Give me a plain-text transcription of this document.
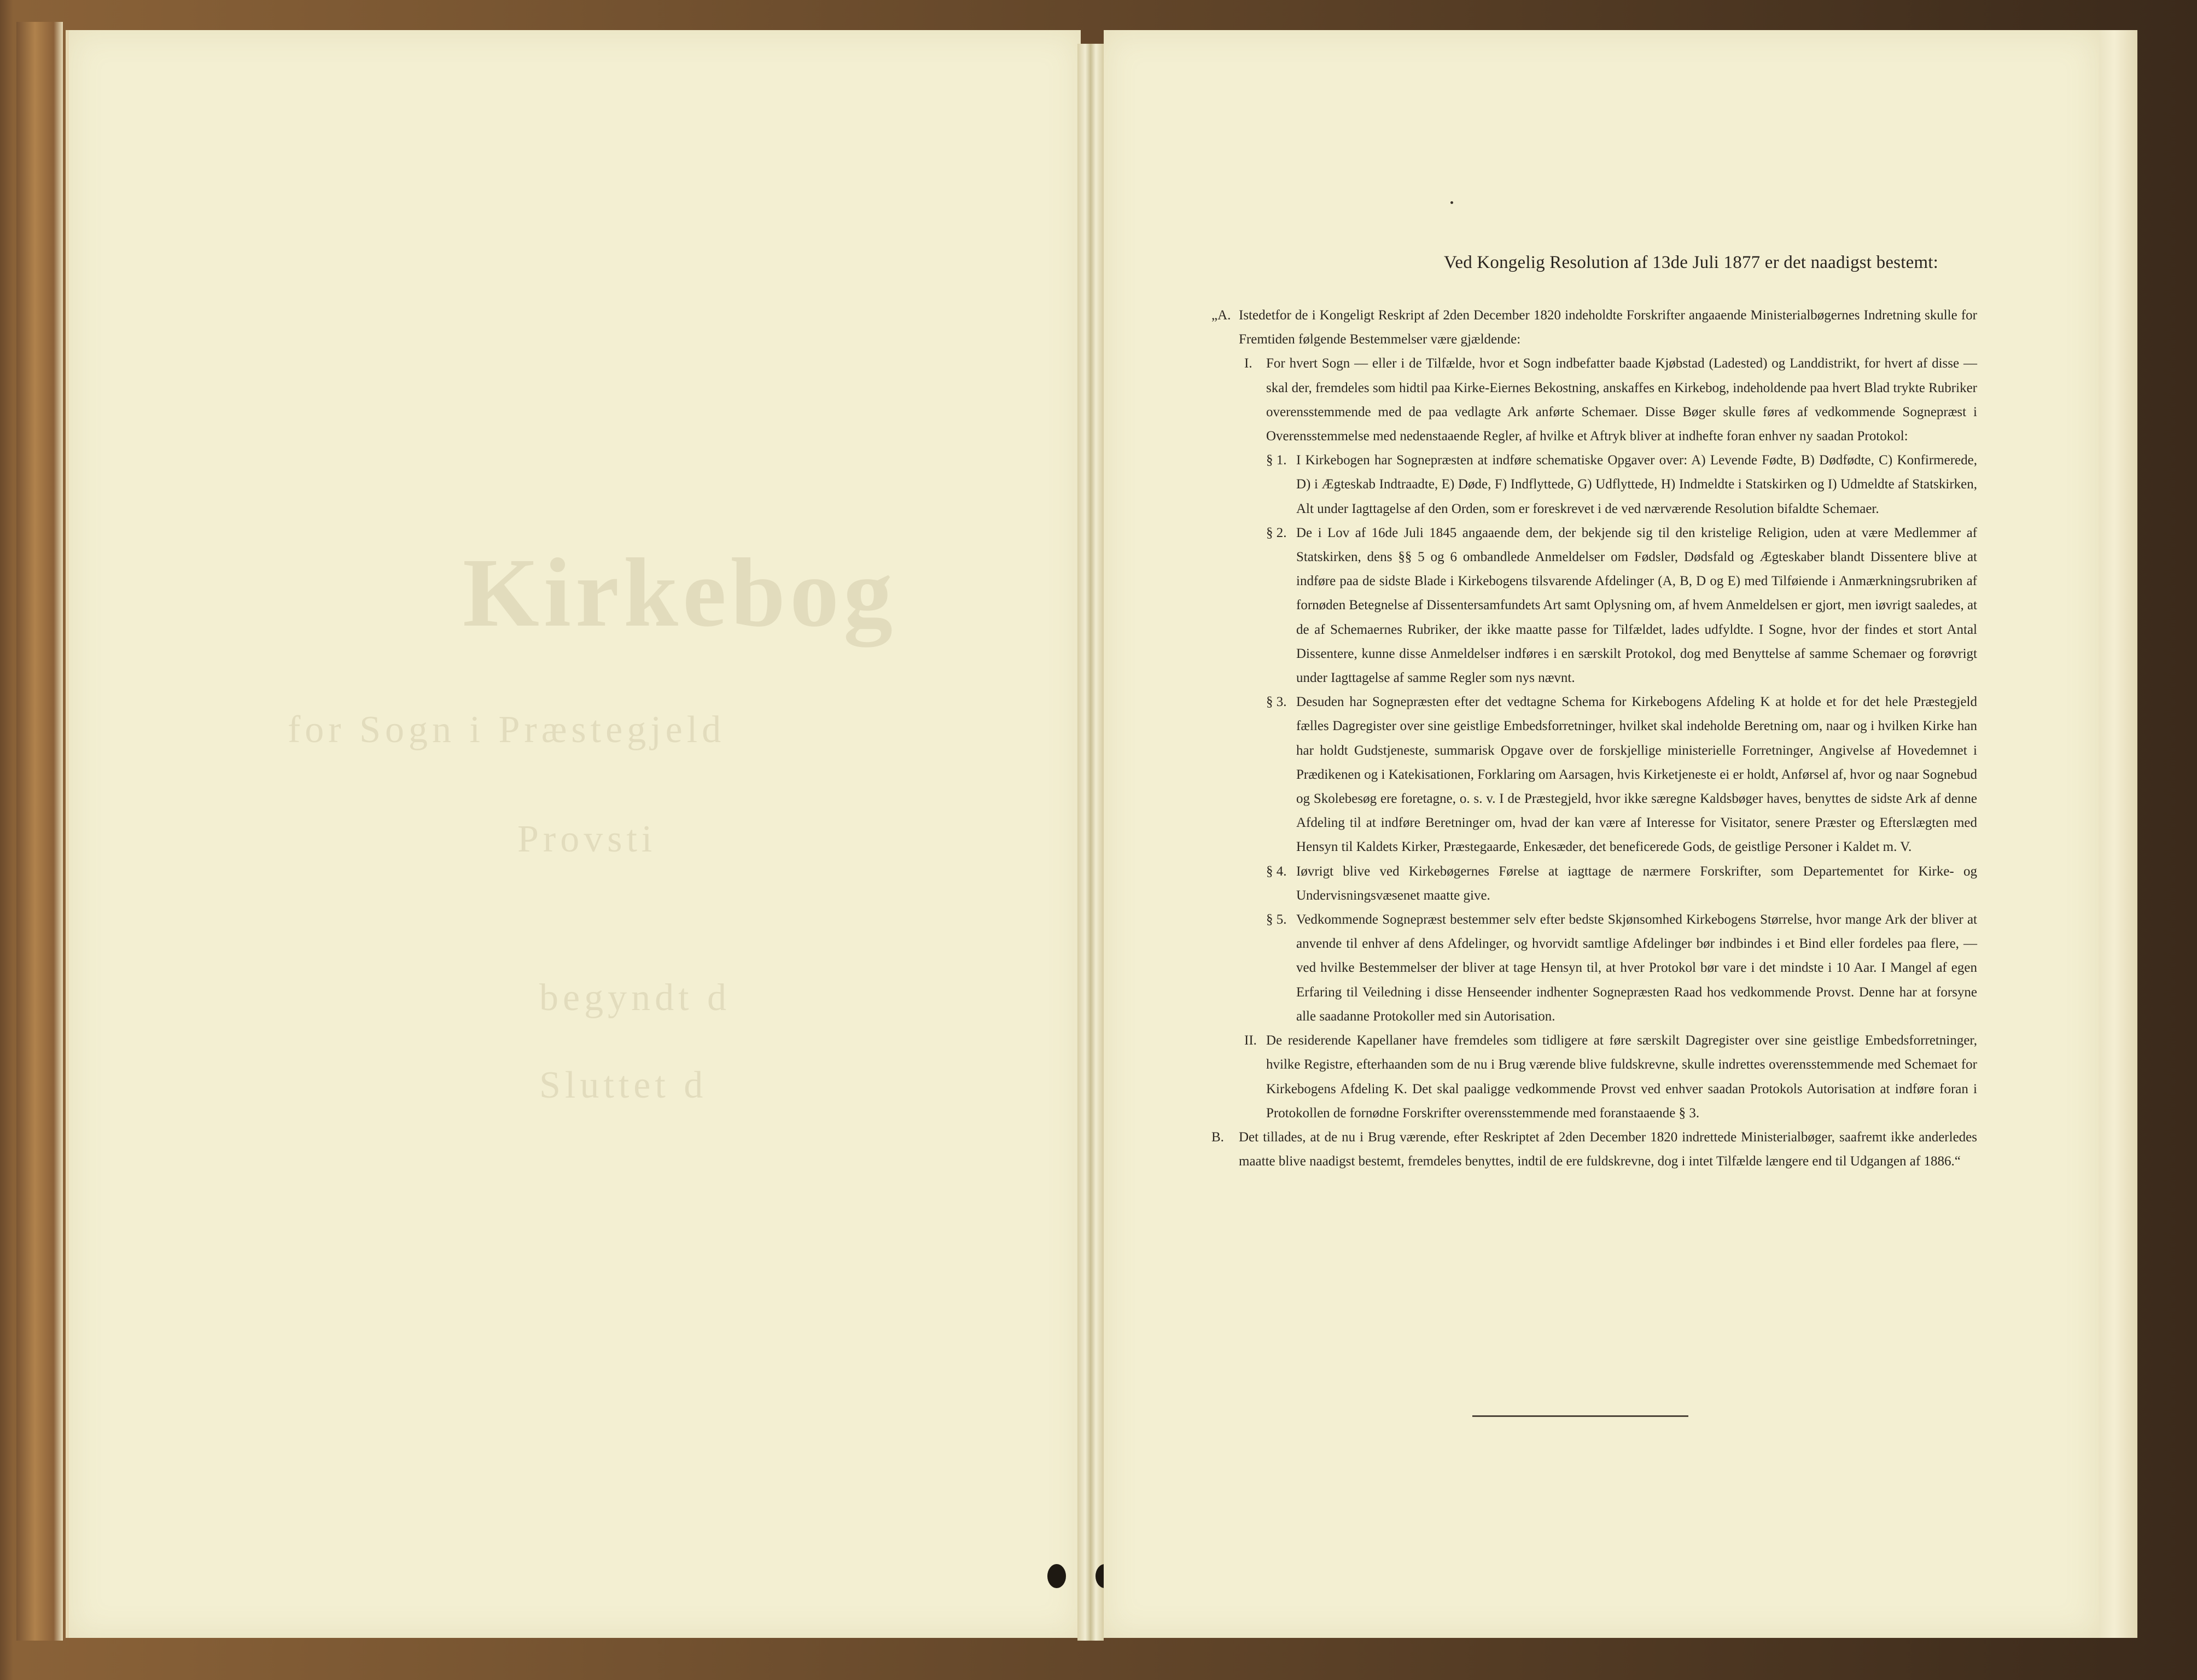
Kirkebog
for Sogn i Præstegjeld
Provsti
begyndt d
Sluttet d
Ved Kongelig Resolution af 13de Juli 1877 er det naadigst bestemt:
„A. Istedetfor de i Kongeligt Reskript af 2den December 1820 indeholdte Forskrifter angaaende Ministerialbøgernes Indretning skulle for Fremtiden følgende Bestemmelser være gjældende:
I. For hvert Sogn — eller i de Tilfælde, hvor et Sogn indbefatter baade Kjøbstad (Ladested) og Landdistrikt, for hvert af disse — skal der, fremdeles som hidtil paa Kirke-Eiernes Bekostning, anskaffes en Kirkebog, indeholdende paa hvert Blad trykte Rubriker overensstemmende med de paa vedlagte Ark anførte Schemaer. Disse Bøger skulle føres af vedkommende Sognepræst i Overensstemmelse med nedenstaaende Regler, af hvilke et Aftryk bliver at indhefte foran enhver ny saadan Protokol:
§ 1. I Kirkebogen har Sognepræsten at indføre schematiske Opgaver over: A) Levende Fødte, B) Dødfødte, C) Konfirmerede, D) i Ægteskab Indtraadte, E) Døde, F) Indflyttede, G) Udflyttede, H) Indmeldte i Statskirken og I) Udmeldte af Statskirken, Alt under Iagttagelse af den Orden, som er foreskrevet i de ved nærværende Resolution bifaldte Schemaer.
§ 2. De i Lov af 16de Juli 1845 angaaende dem, der bekjende sig til den kristelige Religion, uden at være Medlemmer af Statskirken, dens §§ 5 og 6 ombandlede Anmeldelser om Fødsler, Dødsfald og Ægteskaber blandt Dissentere blive at indføre paa de sidste Blade i Kirkebogens tilsvarende Afdelinger (A, B, D og E) med Tilføiende i Anmærkningsrubriken af fornøden Betegnelse af Dissentersamfundets Art samt Oplysning om, af hvem Anmeldelsen er gjort, men iøvrigt saaledes, at de af Schemaernes Rubriker, der ikke maatte passe for Tilfældet, lades udfyldte. I Sogne, hvor der findes et stort Antal Dissentere, kunne disse Anmeldelser indføres i en særskilt Protokol, dog med Benyttelse af samme Schemaer og forøvrigt under Iagttagelse af samme Regler som nys nævnt.
§ 3. Desuden har Sognepræsten efter det vedtagne Schema for Kirkebogens Afdeling K at holde et for det hele Præstegjeld fælles Dagregister over sine geistlige Embedsforretninger, hvilket skal indeholde Beretning om, naar og i hvilken Kirke han har holdt Gudstjeneste, summarisk Opgave over de forskjellige ministerielle Forretninger, Angivelse af Hovedemnet i Prædikenen og i Katekisationen, Forklaring om Aarsagen, hvis Kirketjeneste ei er holdt, Anførsel af, hvor og naar Sognebud og Skolebesøg ere foretagne, o. s. v. I de Præstegjeld, hvor ikke særegne Kaldsbøger haves, benyttes de sidste Ark af denne Afdeling til at indføre Beretninger om, hvad der kan være af Interesse for Visitator, senere Præster og Efterslægten med Hensyn til Kaldets Kirker, Præstegaarde, Enkesæder, det beneficerede Gods, de geistlige Personer i Kaldet m. V.
§ 4. Iøvrigt blive ved Kirkebøgernes Førelse at iagttage de nærmere Forskrifter, som Departementet for Kirke- og Undervisningsvæsenet maatte give.
§ 5. Vedkommende Sognepræst bestemmer selv efter bedste Skjønsomhed Kirkebogens Størrelse, hvor mange Ark der bliver at anvende til enhver af dens Afdelinger, og hvorvidt samtlige Afdelinger bør indbindes i et Bind eller fordeles paa flere, — ved hvilke Bestemmelser der bliver at tage Hensyn til, at hver Protokol bør vare i det mindste i 10 Aar. I Mangel af egen Erfaring til Veiledning i disse Henseender indhenter Sognepræsten Raad hos vedkommende Provst. Denne har at forsyne alle saadanne Protokoller med sin Autorisation.
II. De residerende Kapellaner have fremdeles som tidligere at føre særskilt Dagregister over sine geistlige Embedsforretninger, hvilke Registre, efterhaanden som de nu i Brug værende blive fuldskrevne, skulle indrettes overensstemmende med Schemaet for Kirkebogens Afdeling K. Det skal paaligge vedkommende Provst ved enhver saadan Protokols Autorisation at indføre foran i Protokollen de fornødne Forskrifter overensstemmende med foranstaaende § 3.
B. Det tillades, at de nu i Brug værende, efter Reskriptet af 2den December 1820 indrettede Ministerialbøger, saafremt ikke anderledes maatte blive naadigst bestemt, fremdeles benyttes, indtil de ere fuldskrevne, dog i intet Tilfælde længere end til Udgangen af 1886.“
